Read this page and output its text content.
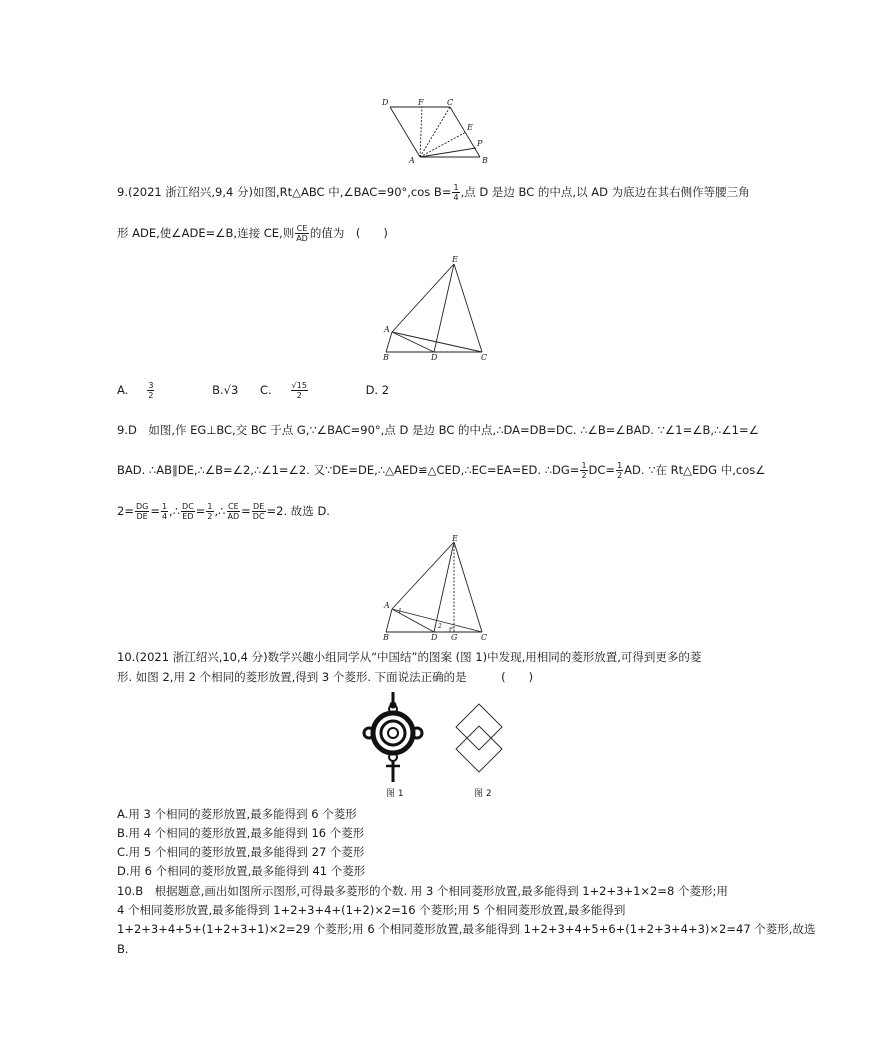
D	F	C
E
P
A	B
9.(2021 浙江绍兴,9,4 分)如图,Rt△ABC 中,∠BAC=90°,cos $B= \frac{1}{4}$ ,点 D 是边 BC 的中点,以 AD 为底边在其右侧作等腰三角
形 ADE,使∠ADE=∠B,连接 CE,则 $\frac{CE}{AD}$ 的值为　(　　)
E
A
B	D	C
A. $\frac{3}{2}$	B.√3 C. $\frac{√15}{2}$	D. 2
9.D　如图,作 EG⊥BC,交 BC 于点 G,∵∠BAC=90°,点 D 是边 BC 的中点,∴DA=DB=DC. ∴∠B=∠BAD. ∵∠1=∠B,∴∠1=∠
BAD. ∴AB∥DE,∴∠B=∠2,∴∠1=∠2. 又∵DE=DE,∴△AED≌△CED,∴EC=EA=ED. ∴DG= $\frac{1}{2} DC= \frac{1}{2}$ AD. ∵在 Rt△EDG 中,cos∠
$2= \frac{DG}{DE} = \frac{1}{4}$ ,∴ $\frac{DC}{ED} = \frac{1}{2}$ ,∴ $\frac{CE}{AD} = \frac{DE}{DC} =2$. 故选 D.
E
A
B	D G	C
1
2
10.(2021 浙江绍兴,10,4 分)数学兴趣小组同学从“中国结”的图案 (图 1)中发现,用相同的菱形放置,可得到更多的菱
形. 如图 2,用 2 个相同的菱形放置,得到 3 个菱形. 下面说法正确的是　　　(　　)
图 1	图 2
A.用 3 个相同的菱形放置,最多能得到 6 个菱形
B.用 4 个相同的菱形放置,最多能得到 16 个菱形
C.用 5 个相同的菱形放置,最多能得到 27 个菱形
D.用 6 个相同的菱形放置,最多能得到 41 个菱形
10.B　根据题意,画出如图所示图形,可得最多菱形的个数. 用 3 个相同菱形放置,最多能得到 1+2+3+1×2=8 个菱形;用
4 个相同菱形放置,最多能得到 1+2+3+4+(1+2)×2=16 个菱形;用 5 个相同菱形放置,最多能得到
1+2+3+4+5+(1+2+3+1)×2=29 个菱形;用 6 个相同菱形放置,最多能得到 1+2+3+4+5+6+(1+2+3+4+3)×2=47 个菱形,故选
B.
